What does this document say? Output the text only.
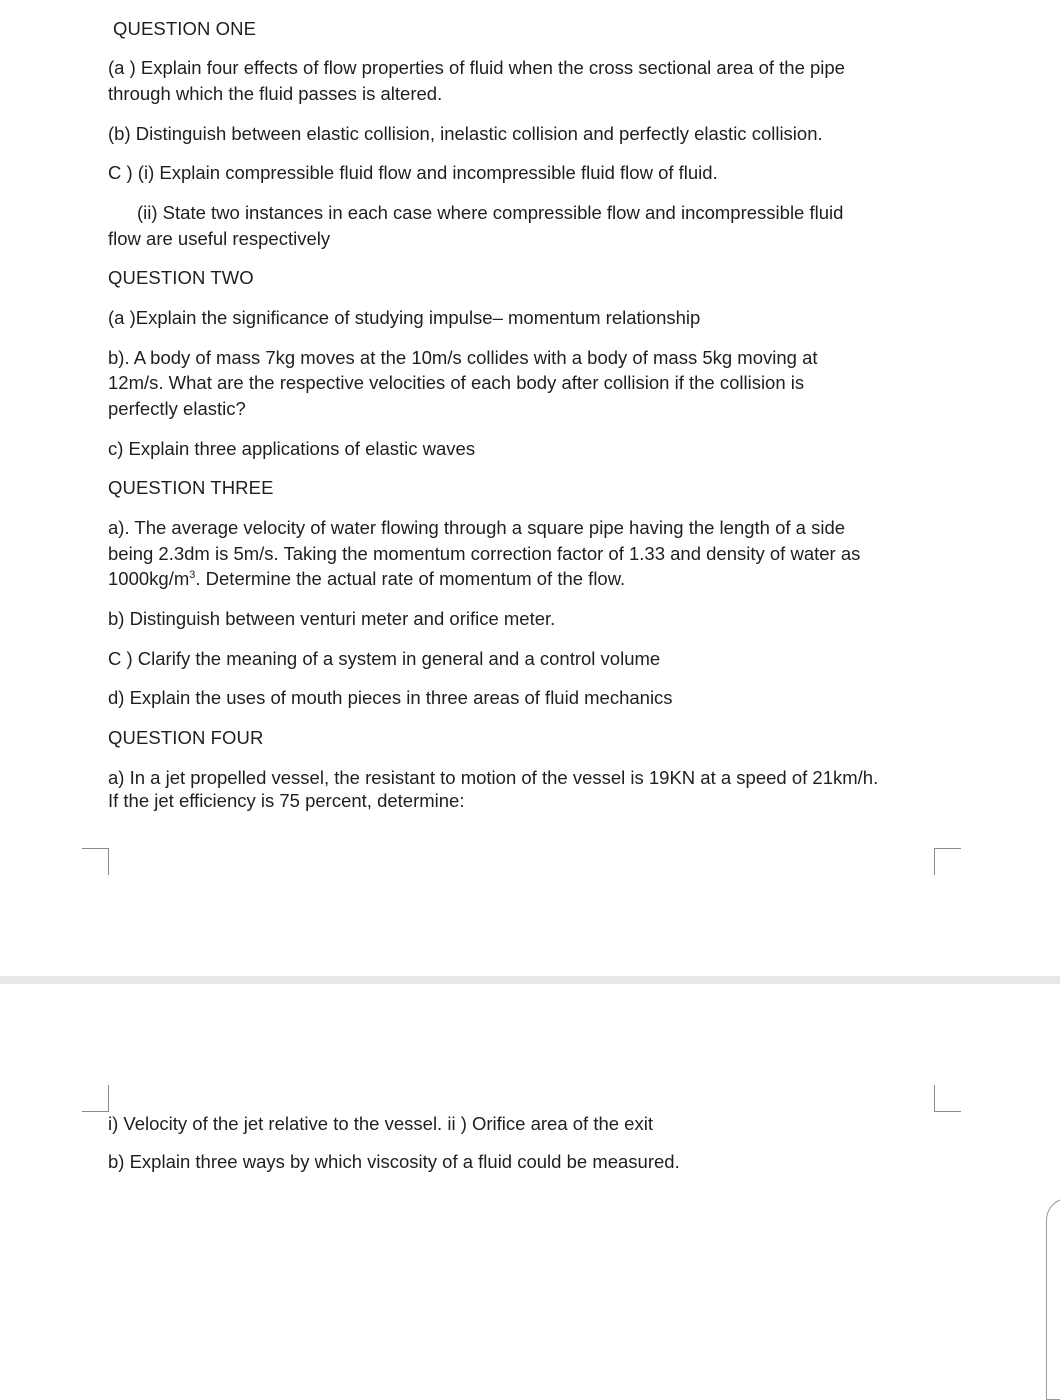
QUESTION ONE

(a ) Explain four effects of flow properties of fluid when the cross sectional area of the pipe

through which the fluid passes is altered.

(b) Distinguish between elastic collision, inelastic collision and perfectly elastic collision.

C ) (i) Explain compressible fluid flow and incompressible fluid flow of fluid.

(ii) State two instances in each case where compressible flow and incompressible fluid

flow are useful respectively

QUESTION TWO

(a )Explain the significance of studying impulse– momentum relationship

b). A body of mass 7kg moves at the 10m/s collides with a body of mass 5kg moving at

12m/s. What are the respective velocities of each body after collision if the collision is

perfectly elastic?

c) Explain three applications of elastic waves

QUESTION THREE

a). The average velocity of water flowing through a square pipe having the length of a side

being 2.3dm is 5m/s. Taking the momentum correction factor of 1.33 and density of water as

$1000kg/m^3$. Determine the actual rate of momentum of the flow.

b) Distinguish between venturi meter and orifice meter.

C ) Clarify the meaning of a system in general and a control volume

d) Explain the uses of mouth pieces in three areas of fluid mechanics

QUESTION FOUR

a) In a jet propelled vessel, the resistant to motion of the vessel is 19KN at a speed of 21km/h.

If the jet efficiency is 75 percent, determine:

i) Velocity of the jet relative to the vessel. ii ) Orifice area of the exit

b) Explain three ways by which viscosity of a fluid could be measured.
